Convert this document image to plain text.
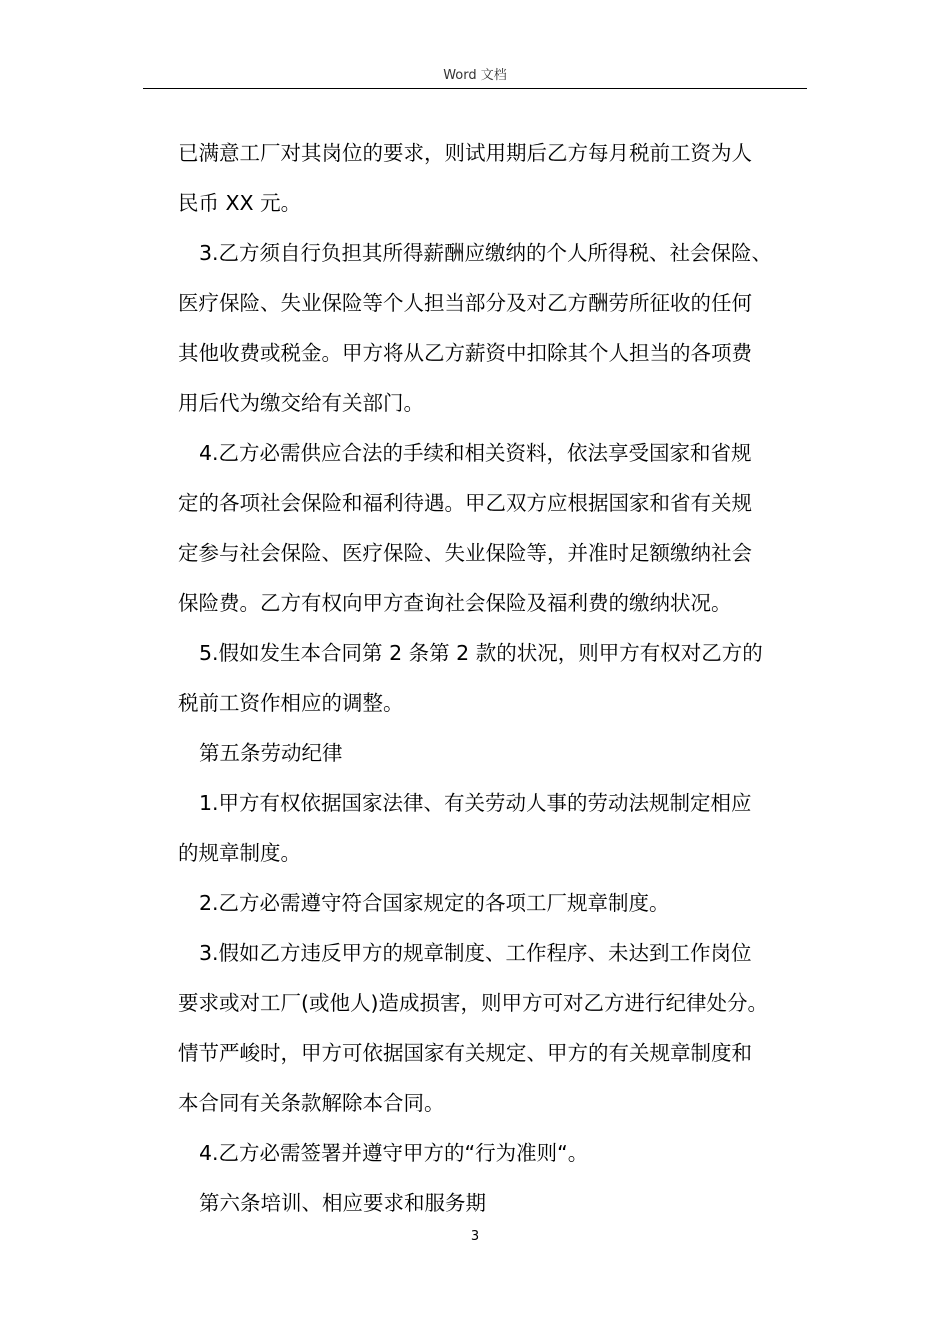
Word 文档

已满意工厂对其岗位的要求，则试用期后乙方每月税前工资为人
民币 XX 元。

3.乙方须自行负担其所得薪酬应缴纳的个人所得税、社会保险、
医疗保险、失业保险等个人担当部分及对乙方酬劳所征收的任何
其他收费或税金。甲方将从乙方薪资中扣除其个人担当的各项费
用后代为缴交给有关部门。

4.乙方必需供应合法的手续和相关资料，依法享受国家和省规
定的各项社会保险和福利待遇。甲乙双方应根据国家和省有关规
定参与社会保险、医疗保险、失业保险等，并准时足额缴纳社会
保险费。乙方有权向甲方查询社会保险及福利费的缴纳状况。

5.假如发生本合同第 2 条第 2 款的状况，则甲方有权对乙方的
税前工资作相应的调整。

第五条劳动纪律

1.甲方有权依据国家法律、有关劳动人事的劳动法规制定相应
的规章制度。

2.乙方必需遵守符合国家规定的各项工厂规章制度。

3.假如乙方违反甲方的规章制度、工作程序、未达到工作岗位
要求或对工厂(或他人)造成损害，则甲方可对乙方进行纪律处分。
情节严峻时，甲方可依据国家有关规定、甲方的有关规章制度和
本合同有关条款解除本合同。

4.乙方必需签署并遵守甲方的“行为准则“。

第六条培训、相应要求和服务期

3
